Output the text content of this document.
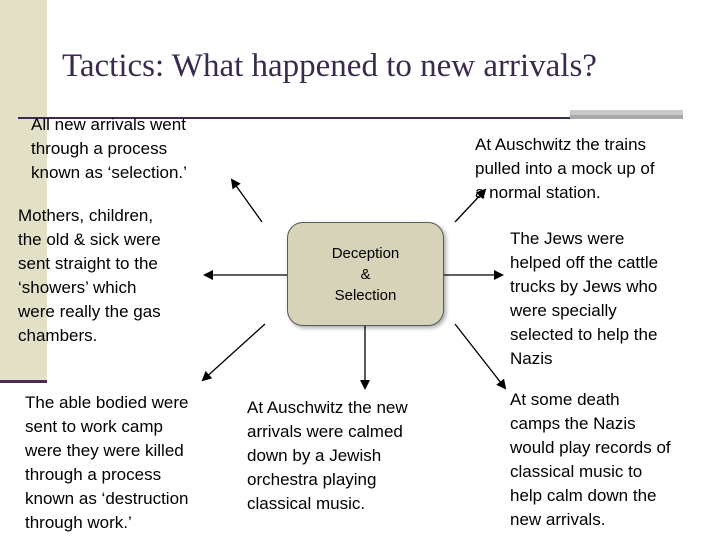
Tactics: What happened to new arrivals?
Deception
&
Selection
All new arrivals went
through a process
known as ‘selection.’
At Auschwitz the trains
pulled into a mock up of
a normal station.
Mothers, children,
the old & sick were
sent straight to the
‘showers’ which
were really the gas
chambers.
The Jews were
helped off the cattle
trucks by Jews who
were specially
selected to help the
Nazis
The able bodied were
sent to work camp
were they were killed
through a process
known as ‘destruction
through work.’
At Auschwitz the new
arrivals were calmed
down by a Jewish
orchestra playing
classical music.
At some death
camps the Nazis
would play records of
classical music to
help calm down the
new arrivals.
